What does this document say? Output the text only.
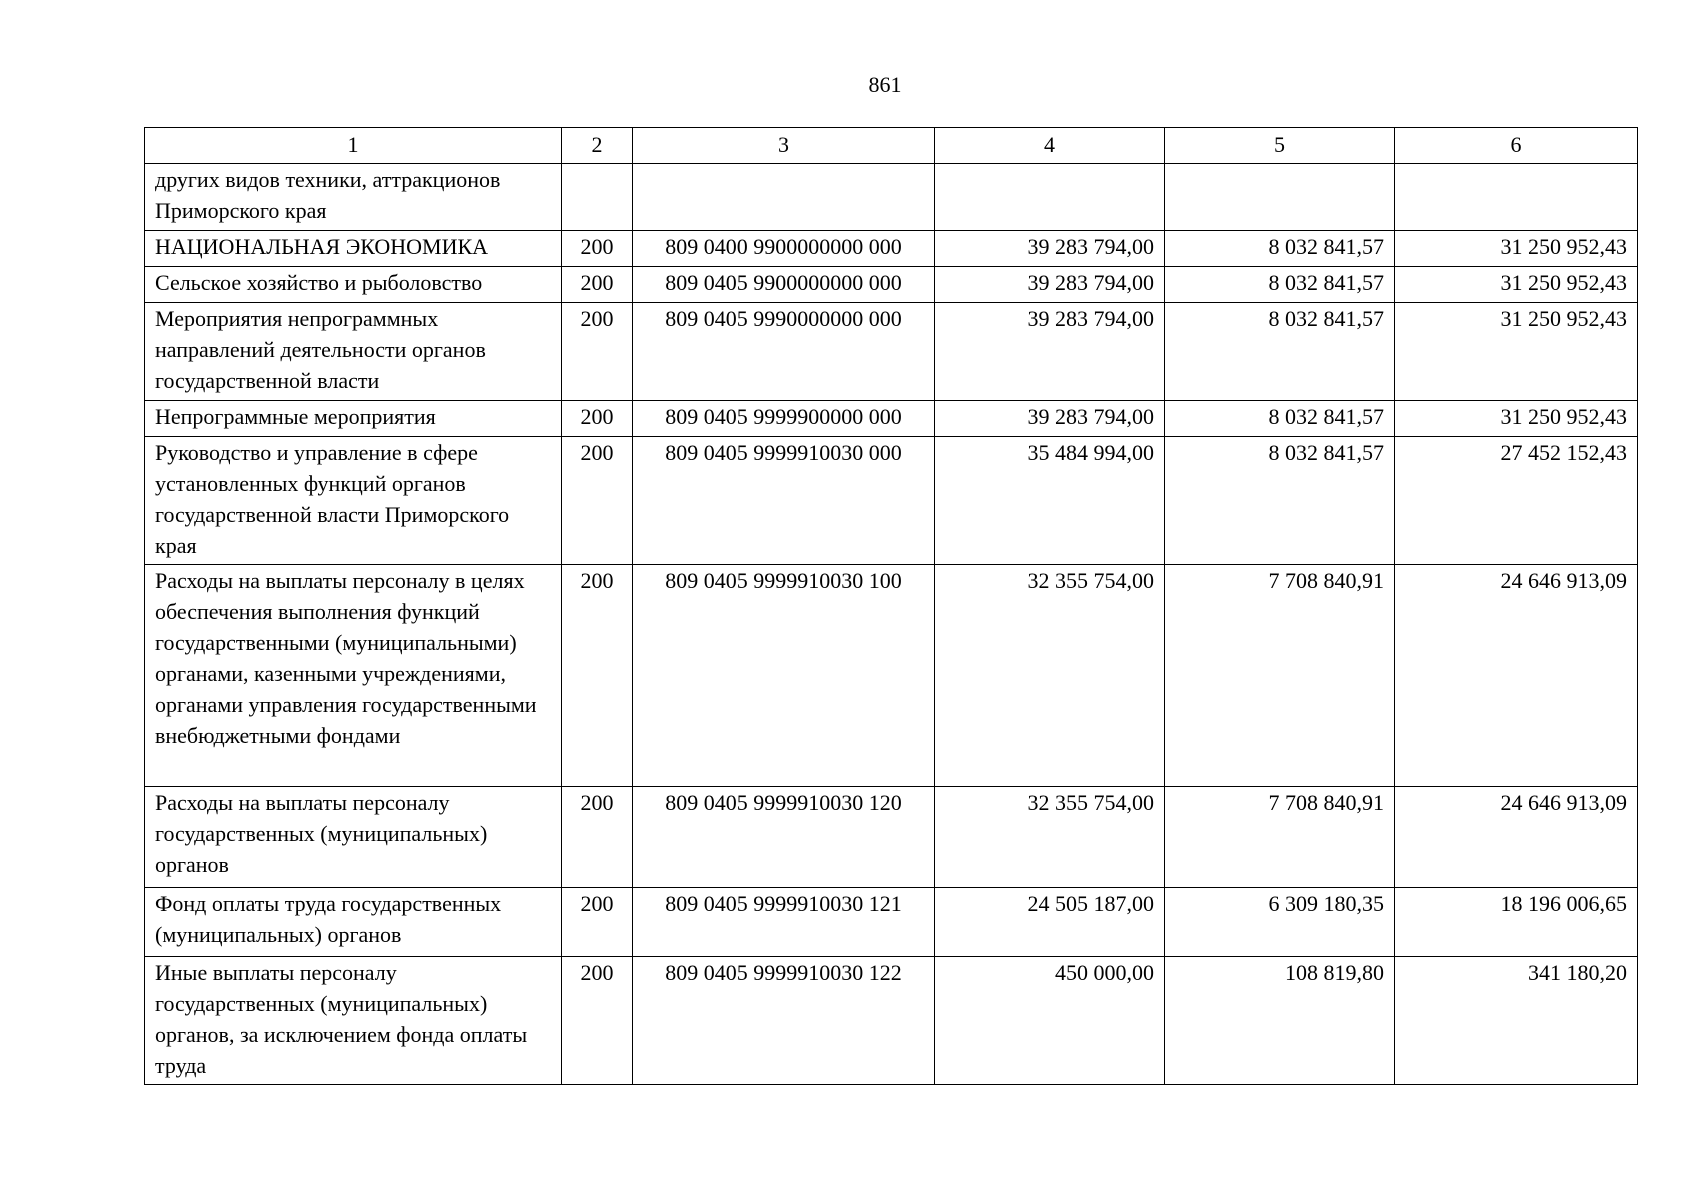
861
1	2	3	4	5	6
других видов техники, аттракционов Приморского края					
НАЦИОНАЛЬНАЯ ЭКОНОМИКА	200	809 0400 9900000000 000	39 283 794,00	8 032 841,57	31 250 952,43
Сельское хозяйство и рыболовство	200	809 0405 9900000000 000	39 283 794,00	8 032 841,57	31 250 952,43
Мероприятия непрограммных направлений деятельности органов государственной власти	200	809 0405 9990000000 000	39 283 794,00	8 032 841,57	31 250 952,43
Непрограммные мероприятия	200	809 0405 9999900000 000	39 283 794,00	8 032 841,57	31 250 952,43
Руководство и управление в сфере установленных функций органов государственной власти Приморского края	200	809 0405 9999910030 000	35 484 994,00	8 032 841,57	27 452 152,43
Расходы на выплаты персоналу в целях обеспечения выполнения функций государственными (муниципальными) органами, казенными учреждениями, органами управления государственными внебюджетными фондами	200	809 0405 9999910030 100	32 355 754,00	7 708 840,91	24 646 913,09
Расходы на выплаты персоналу государственных (муниципальных) органов	200	809 0405 9999910030 120	32 355 754,00	7 708 840,91	24 646 913,09
Фонд оплаты труда государственных (муниципальных) органов	200	809 0405 9999910030 121	24 505 187,00	6 309 180,35	18 196 006,65
Иные выплаты персоналу государственных (муниципальных) органов, за исключением фонда оплаты труда	200	809 0405 9999910030 122	450 000,00	108 819,80	341 180,20
